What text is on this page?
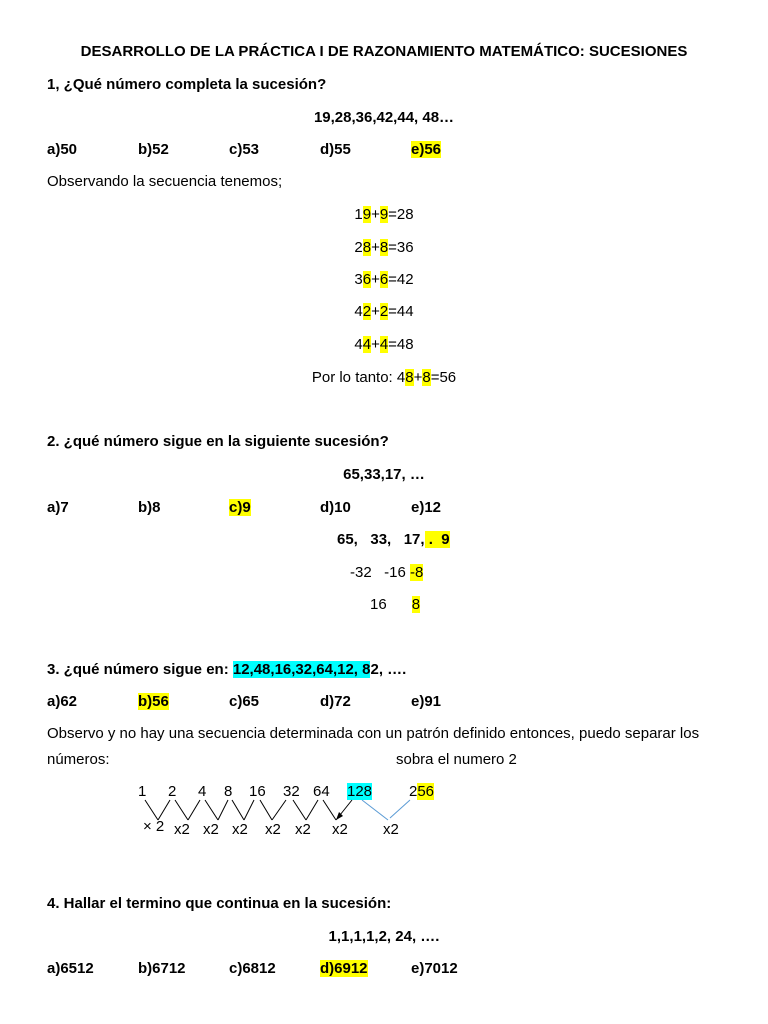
DESARROLLO DE LA PRÁCTICA I DE RAZONAMIENTO MATEMÁTICO: SUCESIONES
1, ¿Qué número completa la sucesión?
19,28,36,42,44, 48…
a)50	b)52	c)53	d)55	e)56
Observando la secuencia tenemos;
19+9=28
28+8=36
36+6=42
42+2=44
44+4=48
Por lo tanto: 48+8=56
2. ¿qué número sigue en la siguiente sucesión?
65,33,17, …
a)7	b)8	c)9	d)10	e)12
65,   33,   17, .  9
-32   -16 -8
16      8
3. ¿qué número sigue en: 12,48,16,32,64,12, 82, ….
a)62	b)56	c)65	d)72	e)91
Observo y no hay una secuencia determinada con un patrón definido entonces, puedo separar los
números:	sobra el numero 2
1 2 4 8 16 32 64 128 256
× 2 x2 x2 x2 x2 x2 x2 x2
4. Hallar el termino que continua en la sucesión:
1,1,1,1,2, 24, ….
a)6512	b)6712	c)6812	d)6912	e)7012
